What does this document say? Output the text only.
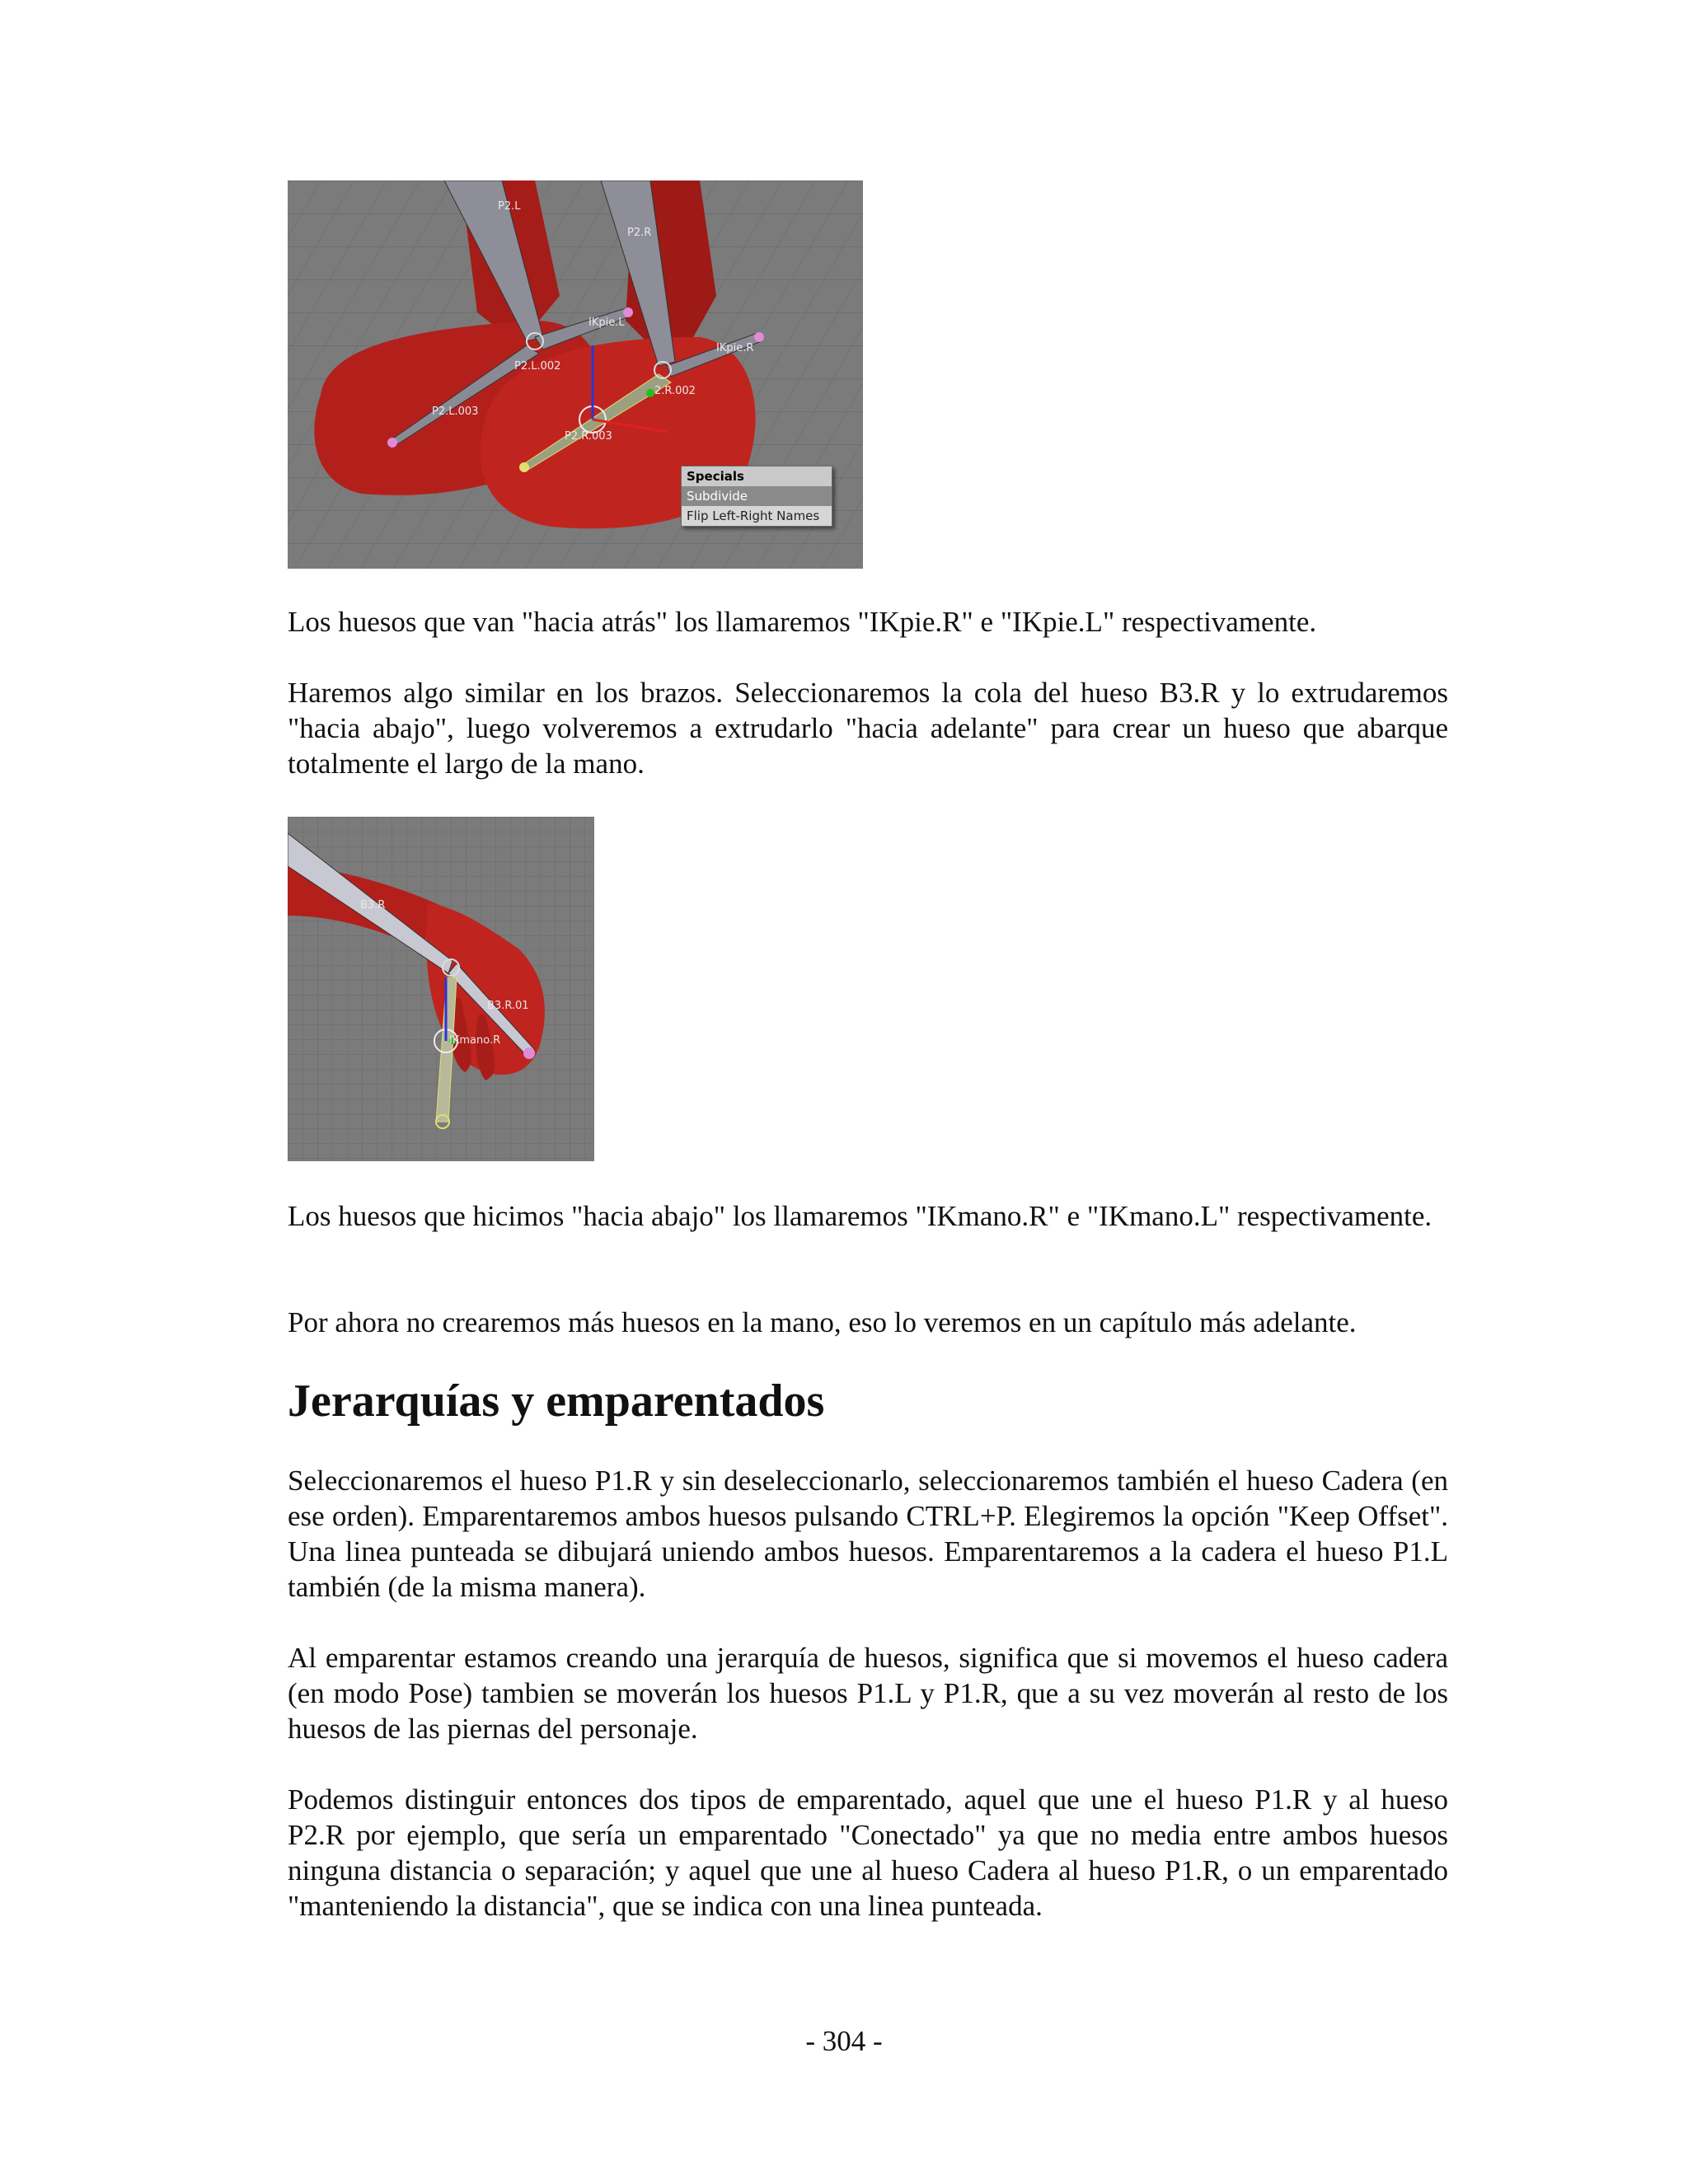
P2.L
P2.R
IKpie.L
P2.L.002
IKpie.R
2.R.002
P2.L.003
P2.R.003
Specials
Subdivide
Flip Left-Right Names

Los huesos que van "hacia atrás" los llamaremos "IKpie.R" e "IKpie.L" respectivamente.

Haremos algo similar en los brazos. Seleccionaremos la cola del hueso B3.R y lo extrudaremos "hacia abajo", luego volveremos a extrudarlo "hacia adelante" para crear un hueso que abarque totalmente el largo de la mano.

B3.R
B3.R.01
IKmano.R

Los huesos que hicimos "hacia abajo" los llamaremos "IKmano.R" e "IKmano.L" respectivamente.

Por ahora no crearemos más huesos en la mano, eso lo veremos en un capítulo más adelante.

Jerarquías y emparentados

Seleccionaremos el hueso P1.R y sin deseleccionarlo, seleccionaremos también el hueso Cadera (en ese orden). Emparentaremos ambos huesos pulsando CTRL+P. Elegiremos la opción "Keep Offset". Una linea punteada se dibujará uniendo ambos huesos. Emparentaremos a la cadera el hueso P1.L también (de la misma manera).

Al emparentar estamos creando una jerarquía de huesos, significa que si movemos el hueso cadera (en modo Pose) tambien se moverán los huesos P1.L y P1.R, que a su vez moverán al resto de los huesos de las piernas del personaje.

Podemos distinguir entonces dos tipos de emparentado, aquel que une el hueso P1.R y al hueso P2.R por ejemplo, que sería un emparentado "Conectado" ya que no media entre ambos huesos ninguna distancia o separación; y aquel que une al hueso Cadera al hueso P1.R, o un emparentado "manteniendo la distancia", que se indica con una linea punteada.

- 304 -
